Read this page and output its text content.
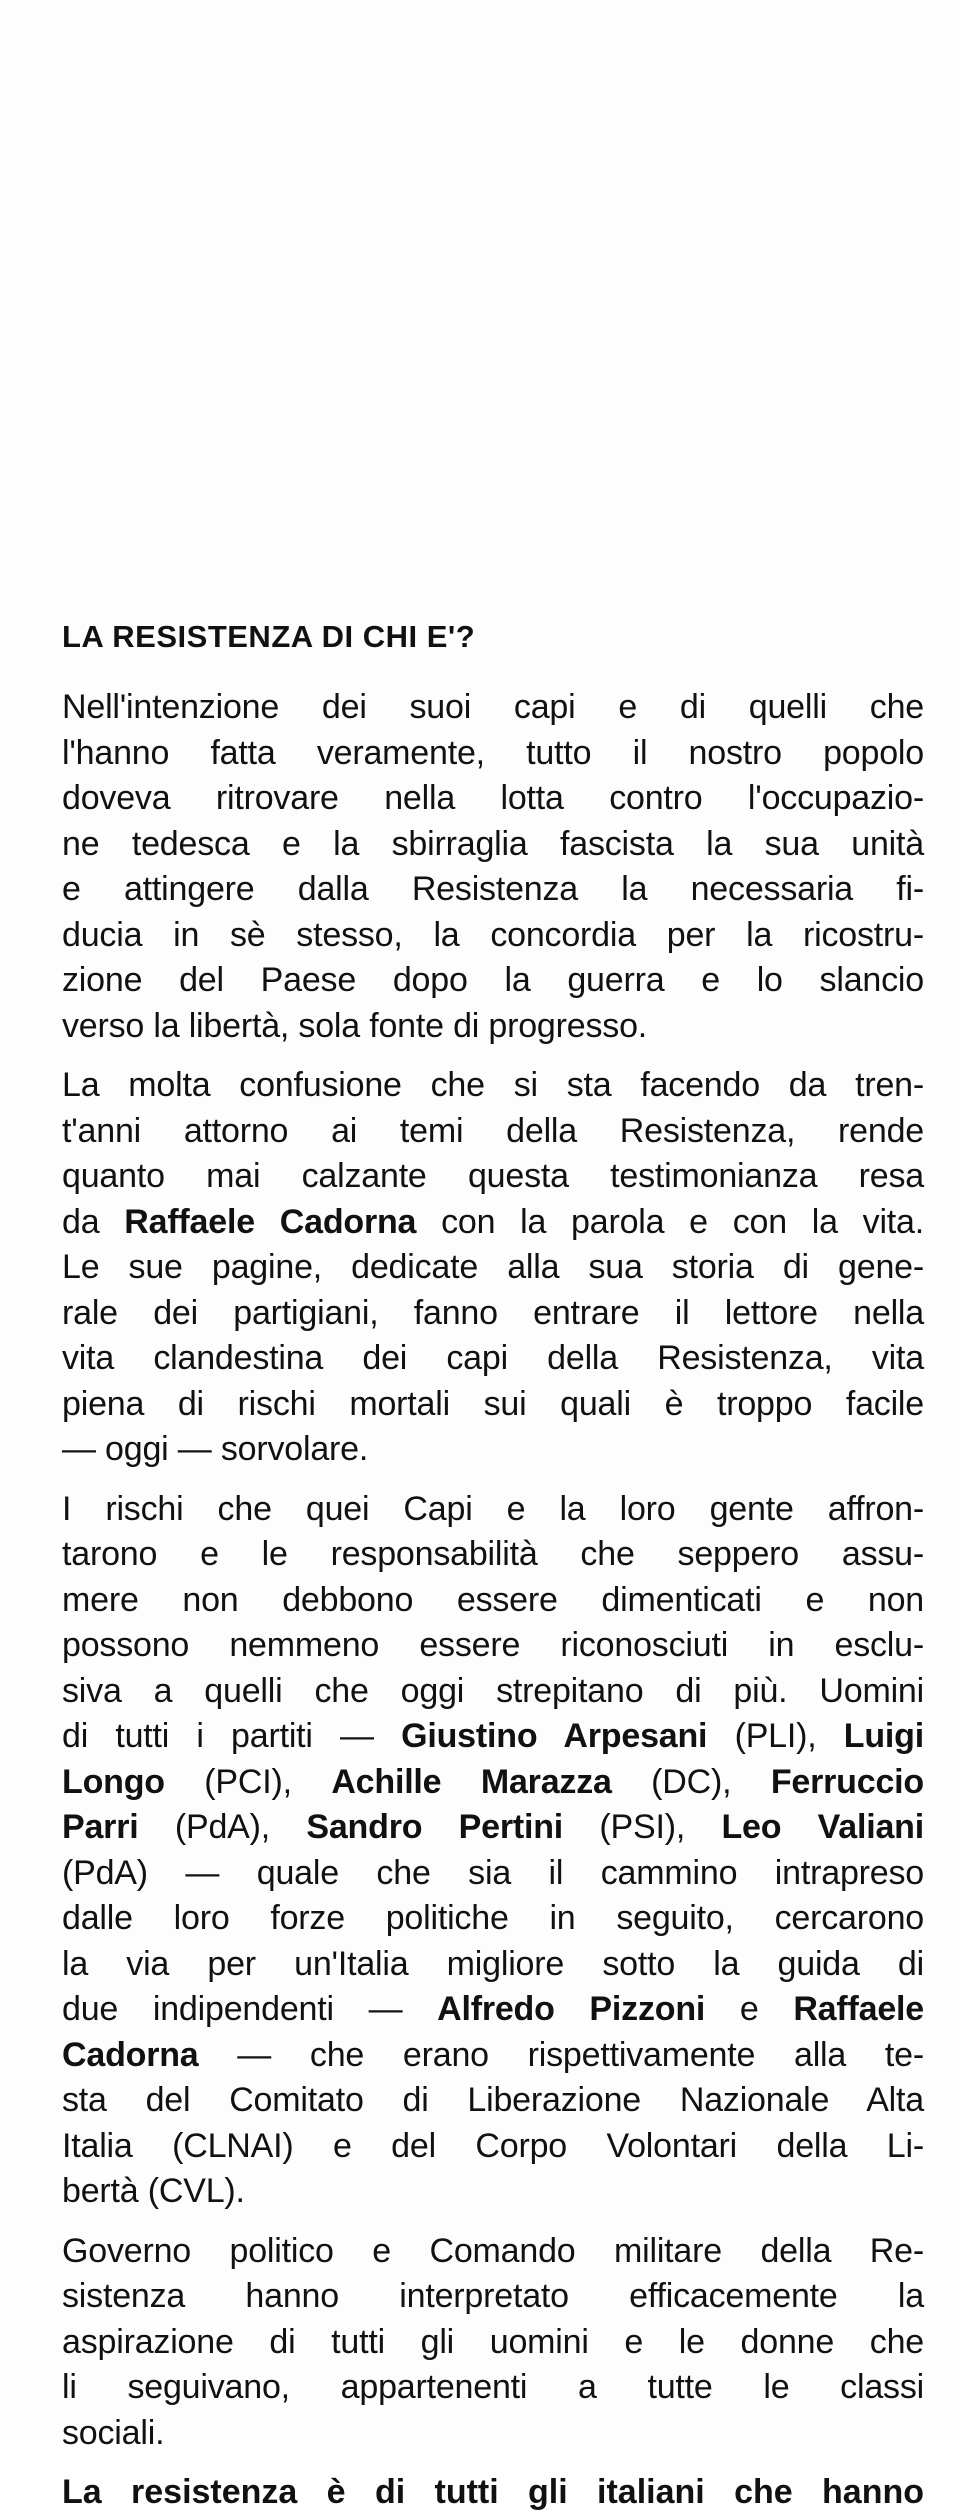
LA RESISTENZA DI CHI E'?
Nell'intenzione dei suoi capi e di quelli che
l'hanno fatta veramente, tutto il nostro popolo
doveva ritrovare nella lotta contro l'occupazio-
ne tedesca e la sbirraglia fascista la sua unità
e attingere dalla Resistenza la necessaria fi-
ducia in sè stesso, la concordia per la ricostru-
zione del Paese dopo la guerra e lo slancio
verso la libertà, sola fonte di progresso.
La molta confusione che si sta facendo da tren-
t'anni attorno ai temi della Resistenza, rende
quanto mai calzante questa testimonianza resa
da Raffaele Cadorna con la parola e con la vita.
Le sue pagine, dedicate alla sua storia di gene-
rale dei partigiani, fanno entrare il lettore nella
vita clandestina dei capi della Resistenza, vita
piena di rischi mortali sui quali è troppo facile
— oggi — sorvolare.
I rischi che quei Capi e la loro gente affron-
tarono e le responsabilità che seppero assu-
mere non debbono essere dimenticati e non
possono nemmeno essere riconosciuti in esclu-
siva a quelli che oggi strepitano di più. Uomini
di tutti i partiti — Giustino Arpesani (PLI), Luigi
Longo (PCI), Achille Marazza (DC), Ferruccio
Parri (PdA), Sandro Pertini (PSI), Leo Valiani
(PdA) — quale che sia il cammino intrapreso
dalle loro forze politiche in seguito, cercarono
la via per un'Italia migliore sotto la guida di
due indipendenti — Alfredo Pizzoni e Raffaele
Cadorna — che erano rispettivamente alla te-
sta del Comitato di Liberazione Nazionale Alta
Italia (CLNAI) e del Corpo Volontari della Li-
bertà (CVL).
Governo politico e Comando militare della Re-
sistenza hanno interpretato efficacemente la
aspirazione di tutti gli uomini e le donne che
li seguivano, appartenenti a tutte le classi
sociali.
La resistenza è di tutti gli italiani che hanno
